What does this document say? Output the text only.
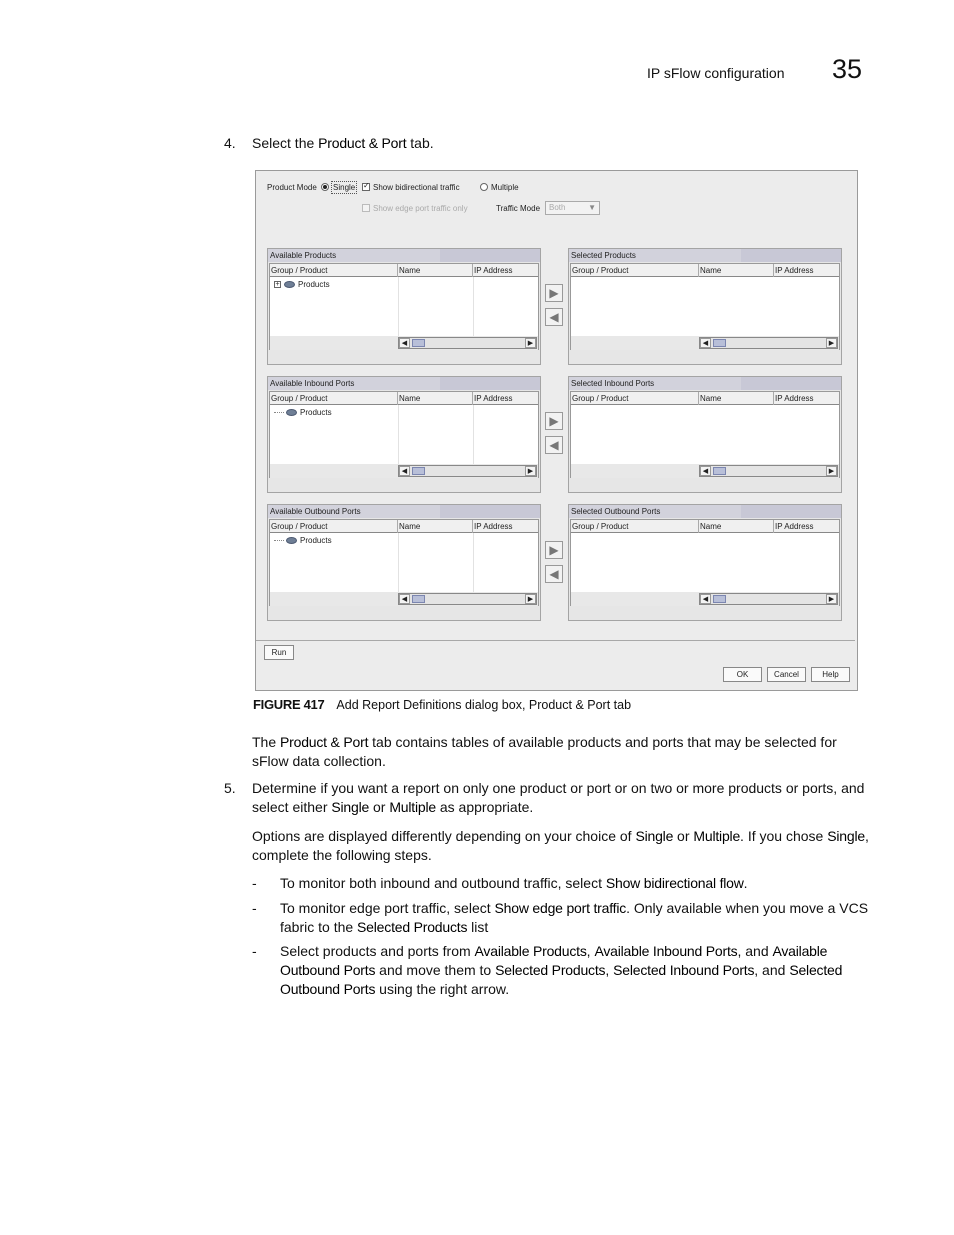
IP sFlow configuration 35
4. Select the Product & Port tab.
Product Mode Single
✓ Show bidirectional traffic	Multiple
Show edge port traffic only	Traffic Mode	Both	▼
Available Products
Group / Product	Name	IP Address
+ Products
◀	▶
▶
◀
Selected Products
Group / Product	Name	IP Address
◀	▶
Available Inbound Ports
Group / Product	Name	IP Address
Products
◀	▶
▶
◀
Selected Inbound Ports
Group / Product	Name	IP Address
◀	▶
Available Outbound Ports
Group / Product	Name	IP Address
Products
◀	▶
▶
◀
Selected Outbound Ports
Group / Product	Name	IP Address
◀	▶
Run
OK	Cancel	Help
FIGURE 417 Add Report Definitions dialog box, Product & Port tab
The Product & Port tab contains tables of available products and ports that may be selected for sFlow data collection.
5. Determine if you want a report on only one product or port or on two or more products or ports, and select either Single or Multiple as appropriate.
Options are displayed differently depending on your choice of Single or Multiple. If you chose Single, complete the following steps.
- To monitor both inbound and outbound traffic, select Show bidirectional flow.
- To monitor edge port traffic, select Show edge port traffic. Only available when you move a VCS fabric to the Selected Products list
- Select products and ports from Available Products, Available Inbound Ports, and Available Outbound Ports and move them to Selected Products, Selected Inbound Ports, and Selected Outbound Ports using the right arrow.
